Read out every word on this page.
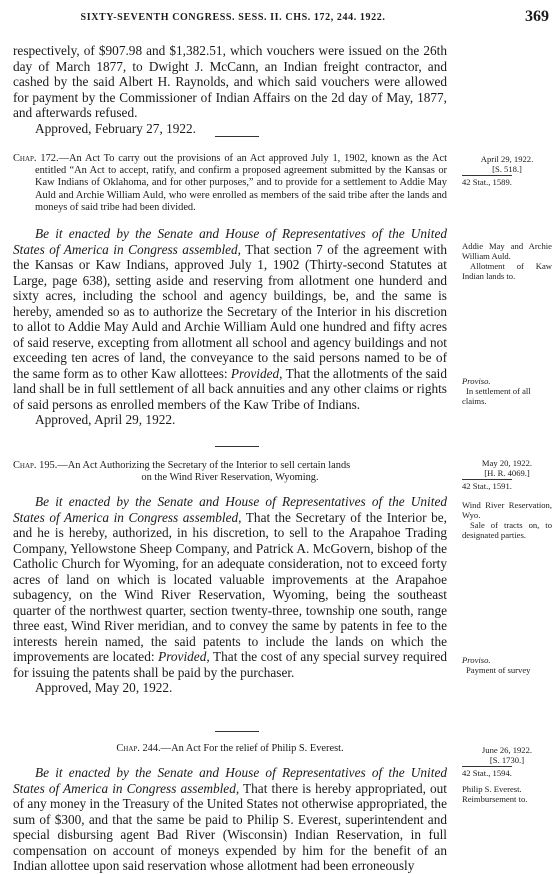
SIXTY-SEVENTH CONGRESS. SESS. II. CHS. 172, 244. 1922.	369

respectively, of $907.98 and $1,382.51, which vouchers were issued on the 26th day of March 1877, to Dwight J. McCann, an Indian freight contractor, and cashed by the said Albert H. Raynolds, and which said vouchers were allowed for payment by the Commissioner of Indian Affairs on the 2d day of May, 1877, and afterwards refused.

Approved, February 27, 1922.

Chap. 172.—An Act To carry out the provisions of an Act approved July 1, 1902, known as the Act entitled “An Act to accept, ratify, and confirm a proposed agreement submitted by the Kansas or Kaw Indians of Oklahoma, and for other purposes,” and to provide for a settlement to Addie May Auld and Archie William Auld, who were enrolled as members of the said tribe after the lands and moneys of said tribe had been divided.

Be it enacted by the Senate and House of Representatives of the United States of America in Congress assembled, That section 7 of the agreement with the Kansas or Kaw Indians, approved July 1, 1902 (Thirty-second Statutes at Large, page 638), setting aside and reserving from allotment one hunderd and sixty acres, including the school and agency buildings, be, and the same is hereby, amended so as to authorize the Secretary of the Interior in his discretion to allot to Addie May Auld and Archie William Auld one hundred and fifty acres of said reserve, excepting from allotment all school and agency buildings and not exceeding ten acres of land, the conveyance to the said persons named to be of the same form as to other Kaw allottees: Provided, That the allotments of the said land shall be in full settlement of all back annuities and any other claims or rights of said persons as enrolled members of the Kaw Tribe of Indians.

Approved, April 29, 1922.

Chap. 195.—An Act Authorizing the Secretary of the Interior to sell certain lands

on the Wind River Reservation, Wyoming.

Be it enacted by the Senate and House of Representatives of the United States of America in Congress assembled, That the Secretary of the Interior be, and he is hereby, authorized, in his discretion, to sell to the Arapahoe Trading Company, Yellowstone Sheep Company, and Patrick A. McGovern, bishop of the Catholic Church for Wyoming, for an adequate consideration, not to exceed forty acres of land on which is located valuable improvements at the Arapahoe subagency, on the Wind River Reservation, Wyoming, being the southeast quarter of the northwest quarter, section twenty-three, township one south, range three east, Wind River meridian, and to convey the same by patents in fee to the interests herein named, the said patents to include the lands on which the improvements are located: Provided, That the cost of any special survey required for issuing the patents shall be paid by the purchaser.

Approved, May 20, 1922.

Chap. 244.—An Act For the relief of Philip S. Everest.

Be it enacted by the Senate and House of Representatives of the United States of America in Congress assembled, That there is hereby appropriated, out of any money in the Treasury of the United States not otherwise appropriated, the sum of $300, and that the same be paid to Philip S. Everest, superintendent and special disbursing agent Bad River (Wisconsin) Indian Reservation, in full compensation on account of moneys expended by him for the benefit of an Indian allottee upon said reservation whose allotment had been erroneously

April 29, 1922.
[S. 518.]
42 Stat., 1589.
Addie May and Archie William Auld.
Allotment of Kaw Indian lands to.
Proviso.
In settlement of all claims.
May 20, 1922.
[H. R. 4069.]
42 Stat., 1591.
Wind River Reservation, Wyo.
Sale of tracts on, to designated parties.
Proviso.
Payment of survey
June 26, 1922.
[S. 1730.]
42 Stat., 1594.
Philip S. Everest.
Reimbursement to.
